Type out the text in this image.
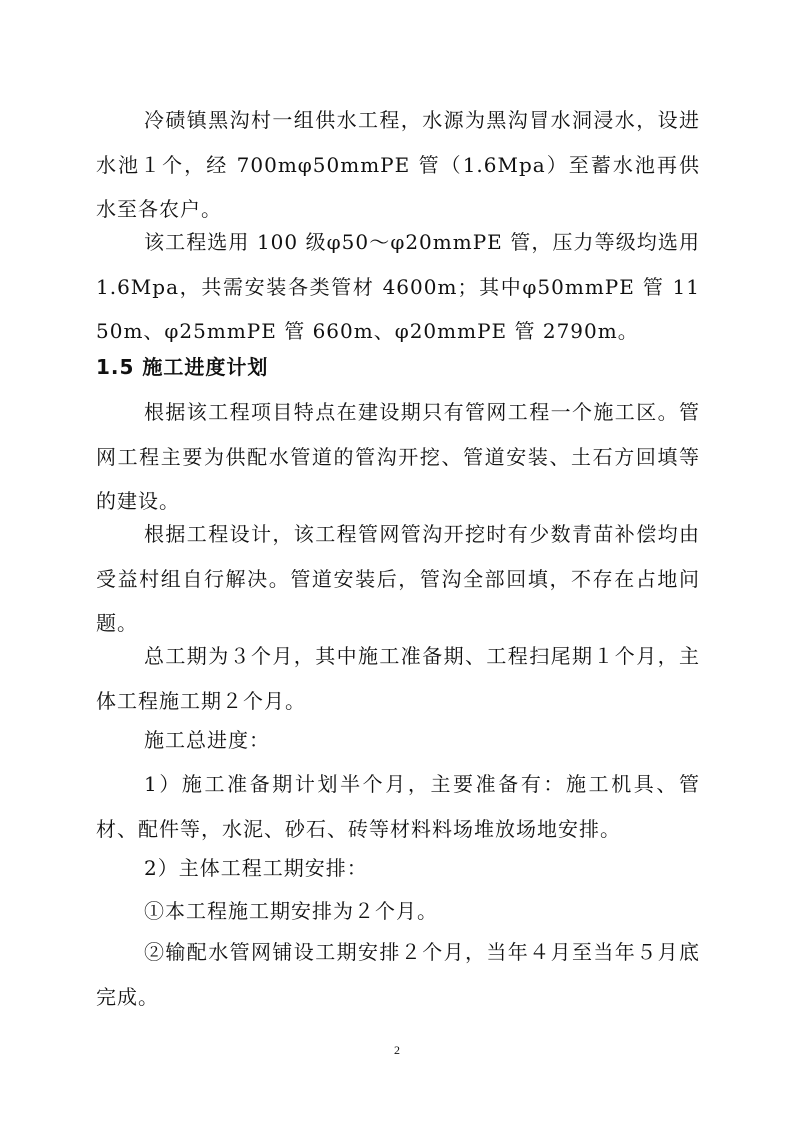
冷碛镇黑沟村一组供水工程，水源为黑沟冒水洞浸水，设进水池１个，经 700mφ50mmPE 管（1.6Mpa）至蓄水池再供水至各农户。

该工程选用 100 级φ50～φ20mmPE 管，压力等级均选用 1.6Mpa，共需安装各类管材 4600m；其中φ50mmPE 管 1150m、φ25mmPE 管 660m、φ20mmPE 管 2790m。

1.5 施工进度计划

根据该工程项目特点在建设期只有管网工程一个施工区。管网工程主要为供配水管道的管沟开挖、管道安装、土石方回填等的建设。

根据工程设计，该工程管网管沟开挖时有少数青苗补偿均由受益村组自行解决。管道安装后，管沟全部回填，不存在占地问题。

总工期为３个月，其中施工准备期、工程扫尾期１个月，主体工程施工期２个月。

施工总进度：

1）施工准备期计划半个月，主要准备有：施工机具、管材、配件等，水泥、砂石、砖等材料料场堆放场地安排。

2）主体工程工期安排：

①本工程施工期安排为２个月。

②输配水管网铺设工期安排２个月，当年４月至当年５月底完成。

2
